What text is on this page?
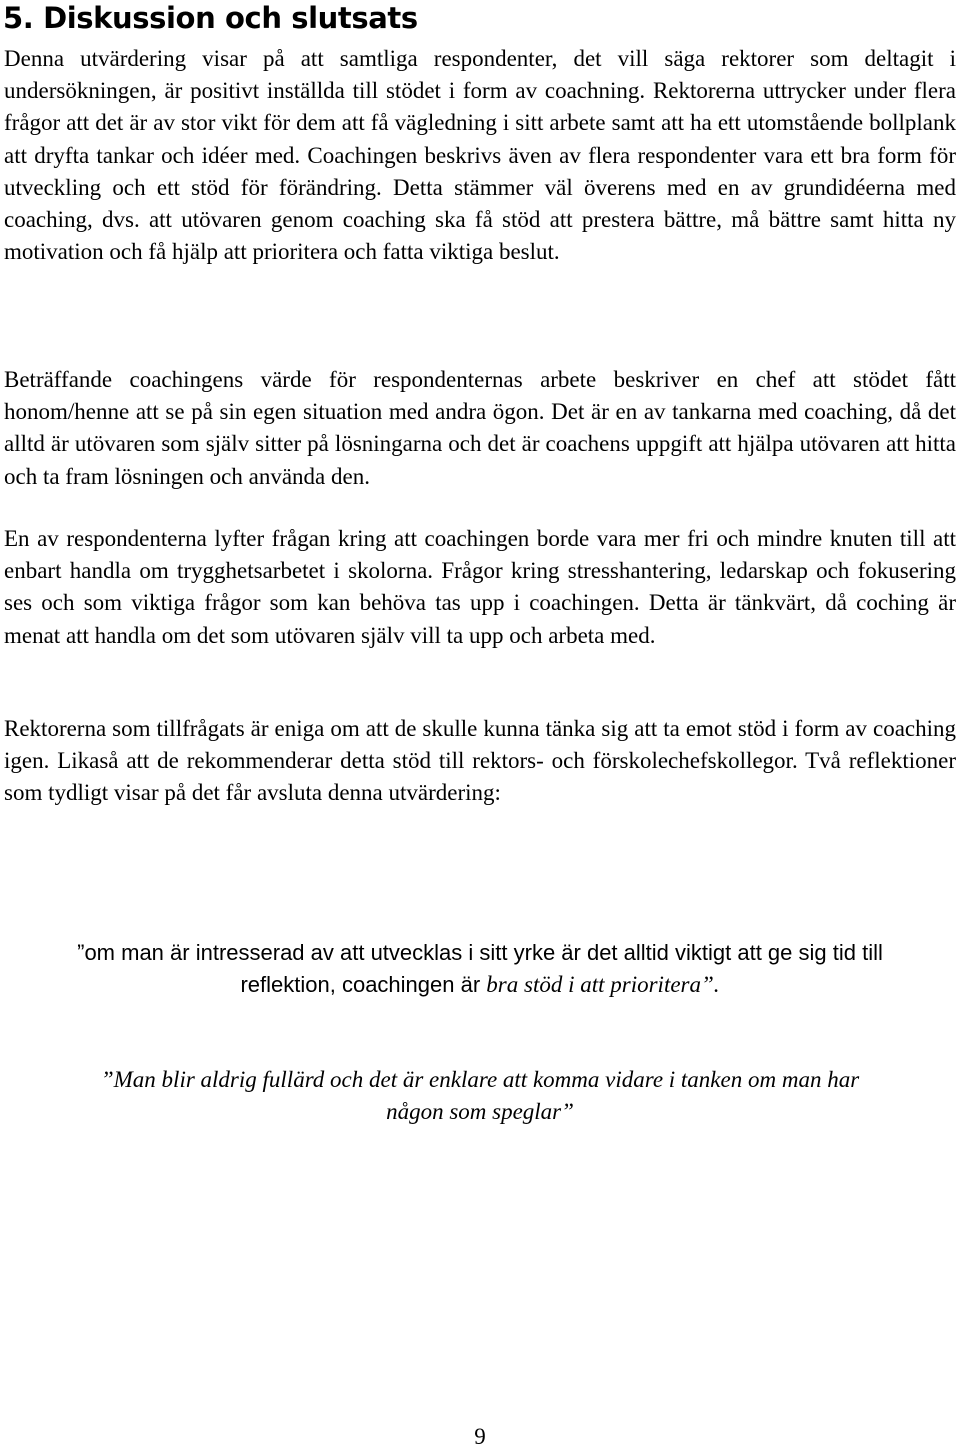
5. Diskussion och slutsats

Denna utvärdering visar på att samtliga respondenter, det vill säga rektorer som deltagit i undersökningen, är positivt inställda till stödet i form av coachning. Rektorerna uttrycker under flera frågor att det är av stor vikt för dem att få vägledning i sitt arbete samt att ha ett utomstående bollplank att dryfta tankar och idéer med. Coachingen beskrivs även av flera respondenter vara ett bra form för utveckling och ett stöd för förändring. Detta stämmer väl överens med en av grundidéerna med coaching, dvs. att utövaren genom coaching ska få stöd att prestera bättre, må bättre samt hitta ny motivation och få hjälp att prioritera och fatta viktiga beslut.

Beträffande coachingens värde för respondenternas arbete beskriver en chef att stödet fått honom/henne att se på sin egen situation med andra ögon. Det är en av tankarna med coaching, då det alltd är utövaren som själv sitter på lösningarna och det är coachens uppgift att hjälpa utövaren att hitta och ta fram lösningen och använda den.

En av respondenterna lyfter frågan kring att coachingen borde vara mer fri och mindre knuten till att enbart handla om trygghetsarbetet i skolorna. Frågor kring stresshantering, ledarskap och fokusering ses och som viktiga frågor som kan behöva tas upp i coachingen. Detta är tänkvärt, då coching är menat att handla om det som utövaren själv vill ta upp och arbeta med.

Rektorerna som tillfrågats är eniga om att de skulle kunna tänka sig att ta emot stöd i form av coaching igen. Likaså att de rekommenderar detta stöd till rektors- och förskolechefskollegor. Två reflektioner som tydligt visar på det får avsluta denna utvärdering:

”om man är intresserad av att utvecklas i sitt yrke är det alltid viktigt att ge sig tid till
reflektion, coachingen är bra stöd i att prioritera”.
”Man blir aldrig fullärd och det är enklare att komma vidare i tanken om man har
någon som speglar”
9
